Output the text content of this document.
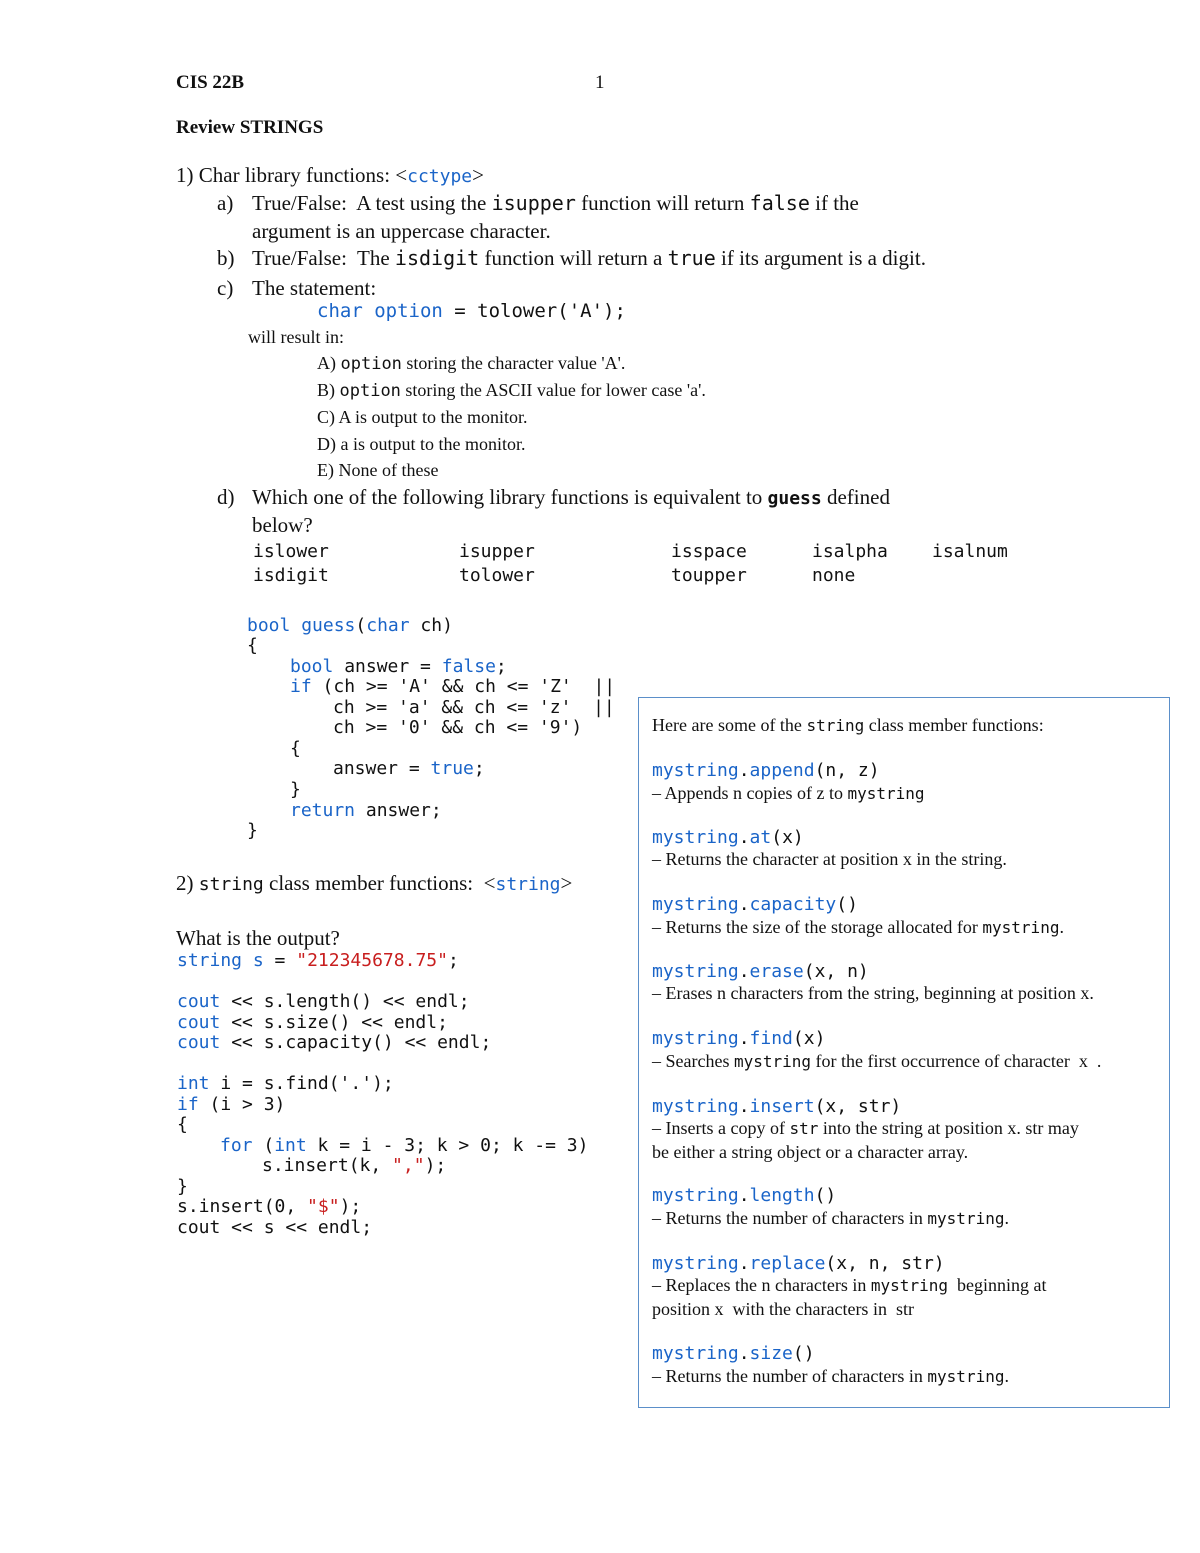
CIS 22B	1
Review STRINGS
1) Char library functions: <cctype>
a) True/False:  A test using the isupper function will return false if the
argument is an uppercase character.
b) True/False:  The isdigit function will return a true if its argument is a digit.
c) The statement:
char option = tolower('A');
will result in:
A) option storing the character value 'A'.
B) option storing the ASCII value for lower case 'a'.
C) A is output to the monitor.
D) a is output to the monitor.
E) None of these
d) Which one of the following library functions is equivalent to guess defined
below?
islower	isupper	isspace	isalpha isalnum
isdigit	tolower	toupper	none
bool guess(char ch)
{
bool answer = false;
if (ch >= 'A' && ch <= 'Z'  ||
ch >= 'a' && ch <= 'z'  ||
ch >= '0' && ch <= '9')
{
answer = true;
}
return answer;
}
2) string class member functions:  <string>
What is the output?
string s = "212345678.75";
cout << s.length() << endl;
cout << s.size() << endl;
cout << s.capacity() << endl;
int i = s.find('.');
if (i > 3)
{
for (int k = i - 3; k > 0; k -= 3)
s.insert(k, ",");
}
s.insert(0, "$");
cout << s << endl;
Here are some of the string class member functions:
mystring.append(n, z)
– Appends n copies of z to mystring
mystring.at(x)
– Returns the character at position x in the string.
mystring.capacity()
– Returns the size of the storage allocated for mystring.
mystring.erase(x, n)
– Erases n characters from the string, beginning at position x.
mystring.find(x)
– Searches mystring for the first occurrence of character  x  .
mystring.insert(x, str)
– Inserts a copy of str into the string at position x. str may
be either a string object or a character array.
mystring.length()
– Returns the number of characters in mystring.
mystring.replace(x, n, str)
– Replaces the n characters in mystring  beginning at
position x  with the characters in  str
mystring.size()
– Returns the number of characters in mystring.
